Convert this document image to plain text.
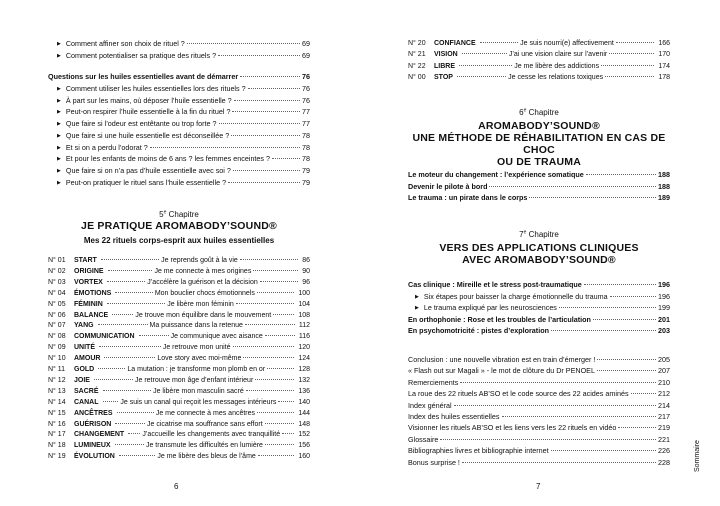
▶ Comment affiner son choix de rituel ?	69
▶ Comment potentialiser sa pratique des rituels ?	69
Questions sur les huiles essentielles avant de démarrer	76
▶ Comment utiliser les huiles essentielles lors des rituels ?	76
▶ À part sur les mains, où déposer l’huile essentielle ?	76
▶ Peut-on respirer l’huile essentielle à la fin du rituel ?	77
▶ Que faire si l’odeur est entêtante ou trop forte ?	77
▶ Que faire si une huile essentielle est déconseillée ?	78
▶ Et si on a perdu l’odorat ?	78
▶ Et pour les enfants de moins de 6 ans ? les femmes enceintes ?	78
▶ Que faire si on n’a pas d’huile essentielle avec soi ?	79
▶ Peut-on pratiquer le rituel sans l’huile essentielle ?	79
5e Chapitre
JE PRATIQUE AROMABODY’SOUND®
Mes 22 rituels corps-esprit aux huiles essentielles
N° 01	START	Je reprends goût à la vie	86
N° 02	ORIGINE	Je me connecte à mes origines	90
N° 03	VORTEX	J’accélère la guérison et la décision	96
N° 04	ÉMOTIONS	Mon bouclier chocs émotionnels	100
N° 05	FÉMININ	Je libère mon féminin	104
N° 06	BALANCE	Je trouve mon équilibre dans le mouvement	108
N° 07	YANG	Ma puissance dans la retenue	112
N° 08	COMMUNICATION	Je communique avec aisance	116
N° 09	UNITÉ	Je retrouve mon unité	120
N° 10	AMOUR	Love story avec moi-même	124
N° 11	GOLD	La mutation : je transforme mon plomb en or	128
N° 12	JOIE	Je retrouve mon âge d’enfant intérieur	132
N° 13	SACRÉ	Je libère mon masculin sacré	136
N° 14	CANAL	Je suis un canal qui reçoit les messages intérieurs	140
N° 15	ANCÊTRES	Je me connecte à mes ancêtres	144
N° 16	GUÉRISON	Je cicatrise ma souffrance sans effort	148
N° 17	CHANGEMENT	J’accueille les changements avec tranquillité	152
N° 18	LUMINEUX	Je transmute les difficultés en lumière	156
N° 19	ÉVOLUTION	Je me libère des bleus de l’âme	160
6
N° 20	CONFIANCE	Je suis nourri(e) affectivement	166
N° 21	VISION	J’ai une vision claire sur l’avenir	170
N° 22	LIBRE	Je me libère des addictions	174
N° 00	STOP	Je cesse les relations toxiques	178
6e Chapitre
AROMABODY’SOUND®
UNE MÉTHODE DE RÉHABILITATION EN CAS DE CHOC
OU DE TRAUMA
Le moteur du changement : l’expérience somatique	188
Devenir le pilote à bord	188
Le trauma : un pirate dans le corps	189
7e Chapitre
VERS DES APPLICATIONS CLINIQUES
AVEC AROMABODY’SOUND®
Cas clinique : Mireille et le stress post-traumatique	196
▶ Six étapes pour baisser la charge émotionnelle du trauma	196
▶ Le trauma expliqué par les neurosciences	199
En orthophonie : Rose et les troubles de l’articulation	201
En psychomotricité : pistes d’exploration	203
Conclusion : une nouvelle vibration est en train d’émerger !	205
« Flash out sur Magali » - le mot de clôture du Dr PENOEL	207
Remerciements	210
La roue des 22 rituels AB’SO et le code source des 22 acides aminés	212
Index général	214
Index des huiles essentielles	217
Visionner les rituels AB’SO et les liens vers les 22 rituels en vidéo	219
Glossaire	221
Bibliographies livres et bibliographie internet	226
Bonus surprise !	228
7
Sommaire
